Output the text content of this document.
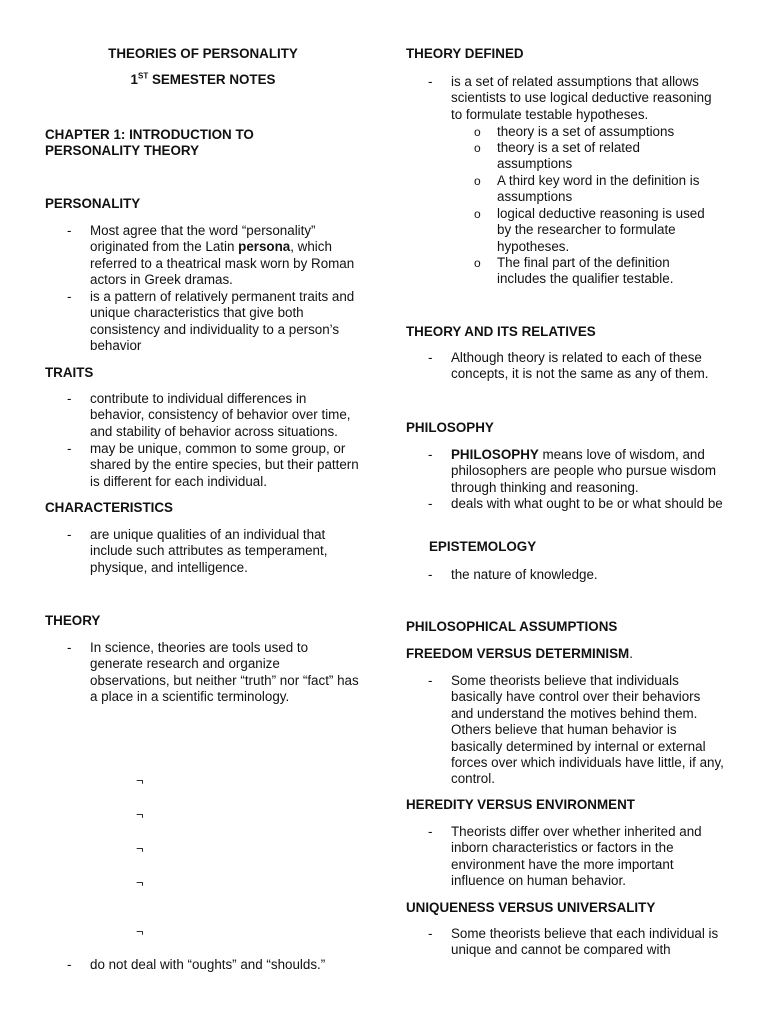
THEORIES OF PERSONALITY
1ST SEMESTER NOTES
CHAPTER 1: INTRODUCTION TO PERSONALITY THEORY
PERSONALITY
-	Most agree that the word “personality” originated from the Latin persona, which referred to a theatrical mask worn by Roman actors in Greek dramas.
-	is a pattern of relatively permanent traits and unique characteristics that give both consistency and individuality to a person’s behavior
TRAITS
-	contribute to individual differences in behavior, consistency of behavior over time, and stability of behavior across situations.
-	may be unique, common to some group, or shared by the entire species, but their pattern is different for each individual.
CHARACTERISTICS
-	are unique qualities of an individual that include such attributes as temperament, physique, and intelligence.
THEORY
-	In science, theories are tools used to generate research and organize observations, but neither “truth” nor “fact” has a place in a scientific terminology.
¬
¬
¬
¬
¬
-	do not deal with “oughts” and “shoulds.”
THEORY DEFINED
-	is a set of related assumptions that allows scientists to use logical deductive reasoning to formulate testable hypotheses.
o	theory is a set of assumptions
o	theory is a set of related assumptions
o	A third key word in the definition is assumptions
o	logical deductive reasoning is used by the researcher to formulate hypotheses.
o	The final part of the definition includes the qualifier testable.
THEORY AND ITS RELATIVES
-	Although theory is related to each of these concepts, it is not the same as any of them.
PHILOSOPHY
-	PHILOSOPHY means love of wisdom, and philosophers are people who pursue wisdom through thinking and reasoning.
-	deals with what ought to be or what should be
EPISTEMOLOGY
-	the nature of knowledge.
PHILOSOPHICAL ASSUMPTIONS
FREEDOM VERSUS DETERMINISM.
-	Some theorists believe that individuals basically have control over their behaviors and understand the motives behind them. Others believe that human behavior is basically determined by internal or external forces over which individuals have little, if any, control.
HEREDITY VERSUS ENVIRONMENT
-	Theorists differ over whether inherited and inborn characteristics or factors in the environment have the more important influence on human behavior.
UNIQUENESS VERSUS UNIVERSALITY
-	Some theorists believe that each individual is unique and cannot be compared with
